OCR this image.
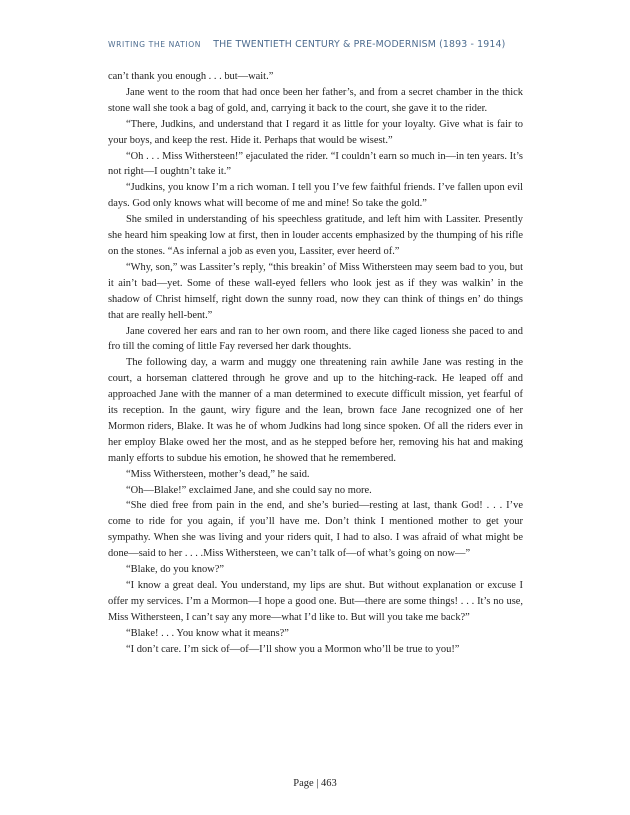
WRITING THE NATION THE TWENTIETH CENTURY & PRE-MODERNISM (1893 - 1914)

can’t thank you enough . . . but—wait.”

Jane went to the room that had once been her father’s, and from a secret chamber in the thick stone wall she took a bag of gold, and, carrying it back to the court, she gave it to the rider.

“There, Judkins, and understand that I regard it as little for your loyalty. Give what is fair to your boys, and keep the rest. Hide it. Perhaps that would be wisest.”

“Oh . . . Miss Withersteen!” ejaculated the rider. “I couldn’t earn so much in—in ten years. It’s not right—I oughtn’t take it.”

“Judkins, you know I’m a rich woman. I tell you I’ve few faithful friends. I’ve fallen upon evil days. God only knows what will become of me and mine! So take the gold.”

She smiled in understanding of his speechless gratitude, and left him with Lassiter. Presently she heard him speaking low at first, then in louder accents emphasized by the thumping of his rifle on the stones. “As infernal a job as even you, Lassiter, ever heerd of.”

“Why, son,” was Lassiter’s reply, “this breakin’ of Miss Withersteen may seem bad to you, but it ain’t bad—yet. Some of these wall-eyed fellers who look jest as if they was walkin’ in the shadow of Christ himself, right down the sunny road, now they can think of things en’ do things that are really hell-bent.”

Jane covered her ears and ran to her own room, and there like caged lioness she paced to and fro till the coming of little Fay reversed her dark thoughts.

The following day, a warm and muggy one threatening rain awhile Jane was resting in the court, a horseman clattered through he grove and up to the hitching-rack. He leaped off and approached Jane with the manner of a man determined to execute difficult mission, yet fearful of its reception. In the gaunt, wiry figure and the lean, brown face Jane recognized one of her Mormon riders, Blake. It was he of whom Judkins had long since spoken. Of all the riders ever in her employ Blake owed her the most, and as he stepped before her, removing his hat and making manly efforts to subdue his emotion, he showed that he remembered.

“Miss Withersteen, mother’s dead,” he said.

“Oh—Blake!” exclaimed Jane, and she could say no more.

“She died free from pain in the end, and she’s buried—resting at last, thank God! . . . I’ve come to ride for you again, if you’ll have me. Don’t think I mentioned mother to get your sympathy. When she was living and your riders quit, I had to also. I was afraid of what might be done—said to her . . . .Miss Withersteen, we can’t talk of—of what’s going on now—”

“Blake, do you know?”

“I know a great deal. You understand, my lips are shut. But without explanation or excuse I offer my services. I’m a Mormon—I hope a good one. But—there are some things! . . . It’s no use, Miss Withersteen, I can’t say any more—what I’d like to. But will you take me back?”

“Blake! . . . You know what it means?”

“I don’t care. I’m sick of—of—I’ll show you a Mormon who’ll be true to you!”

Page | 463
